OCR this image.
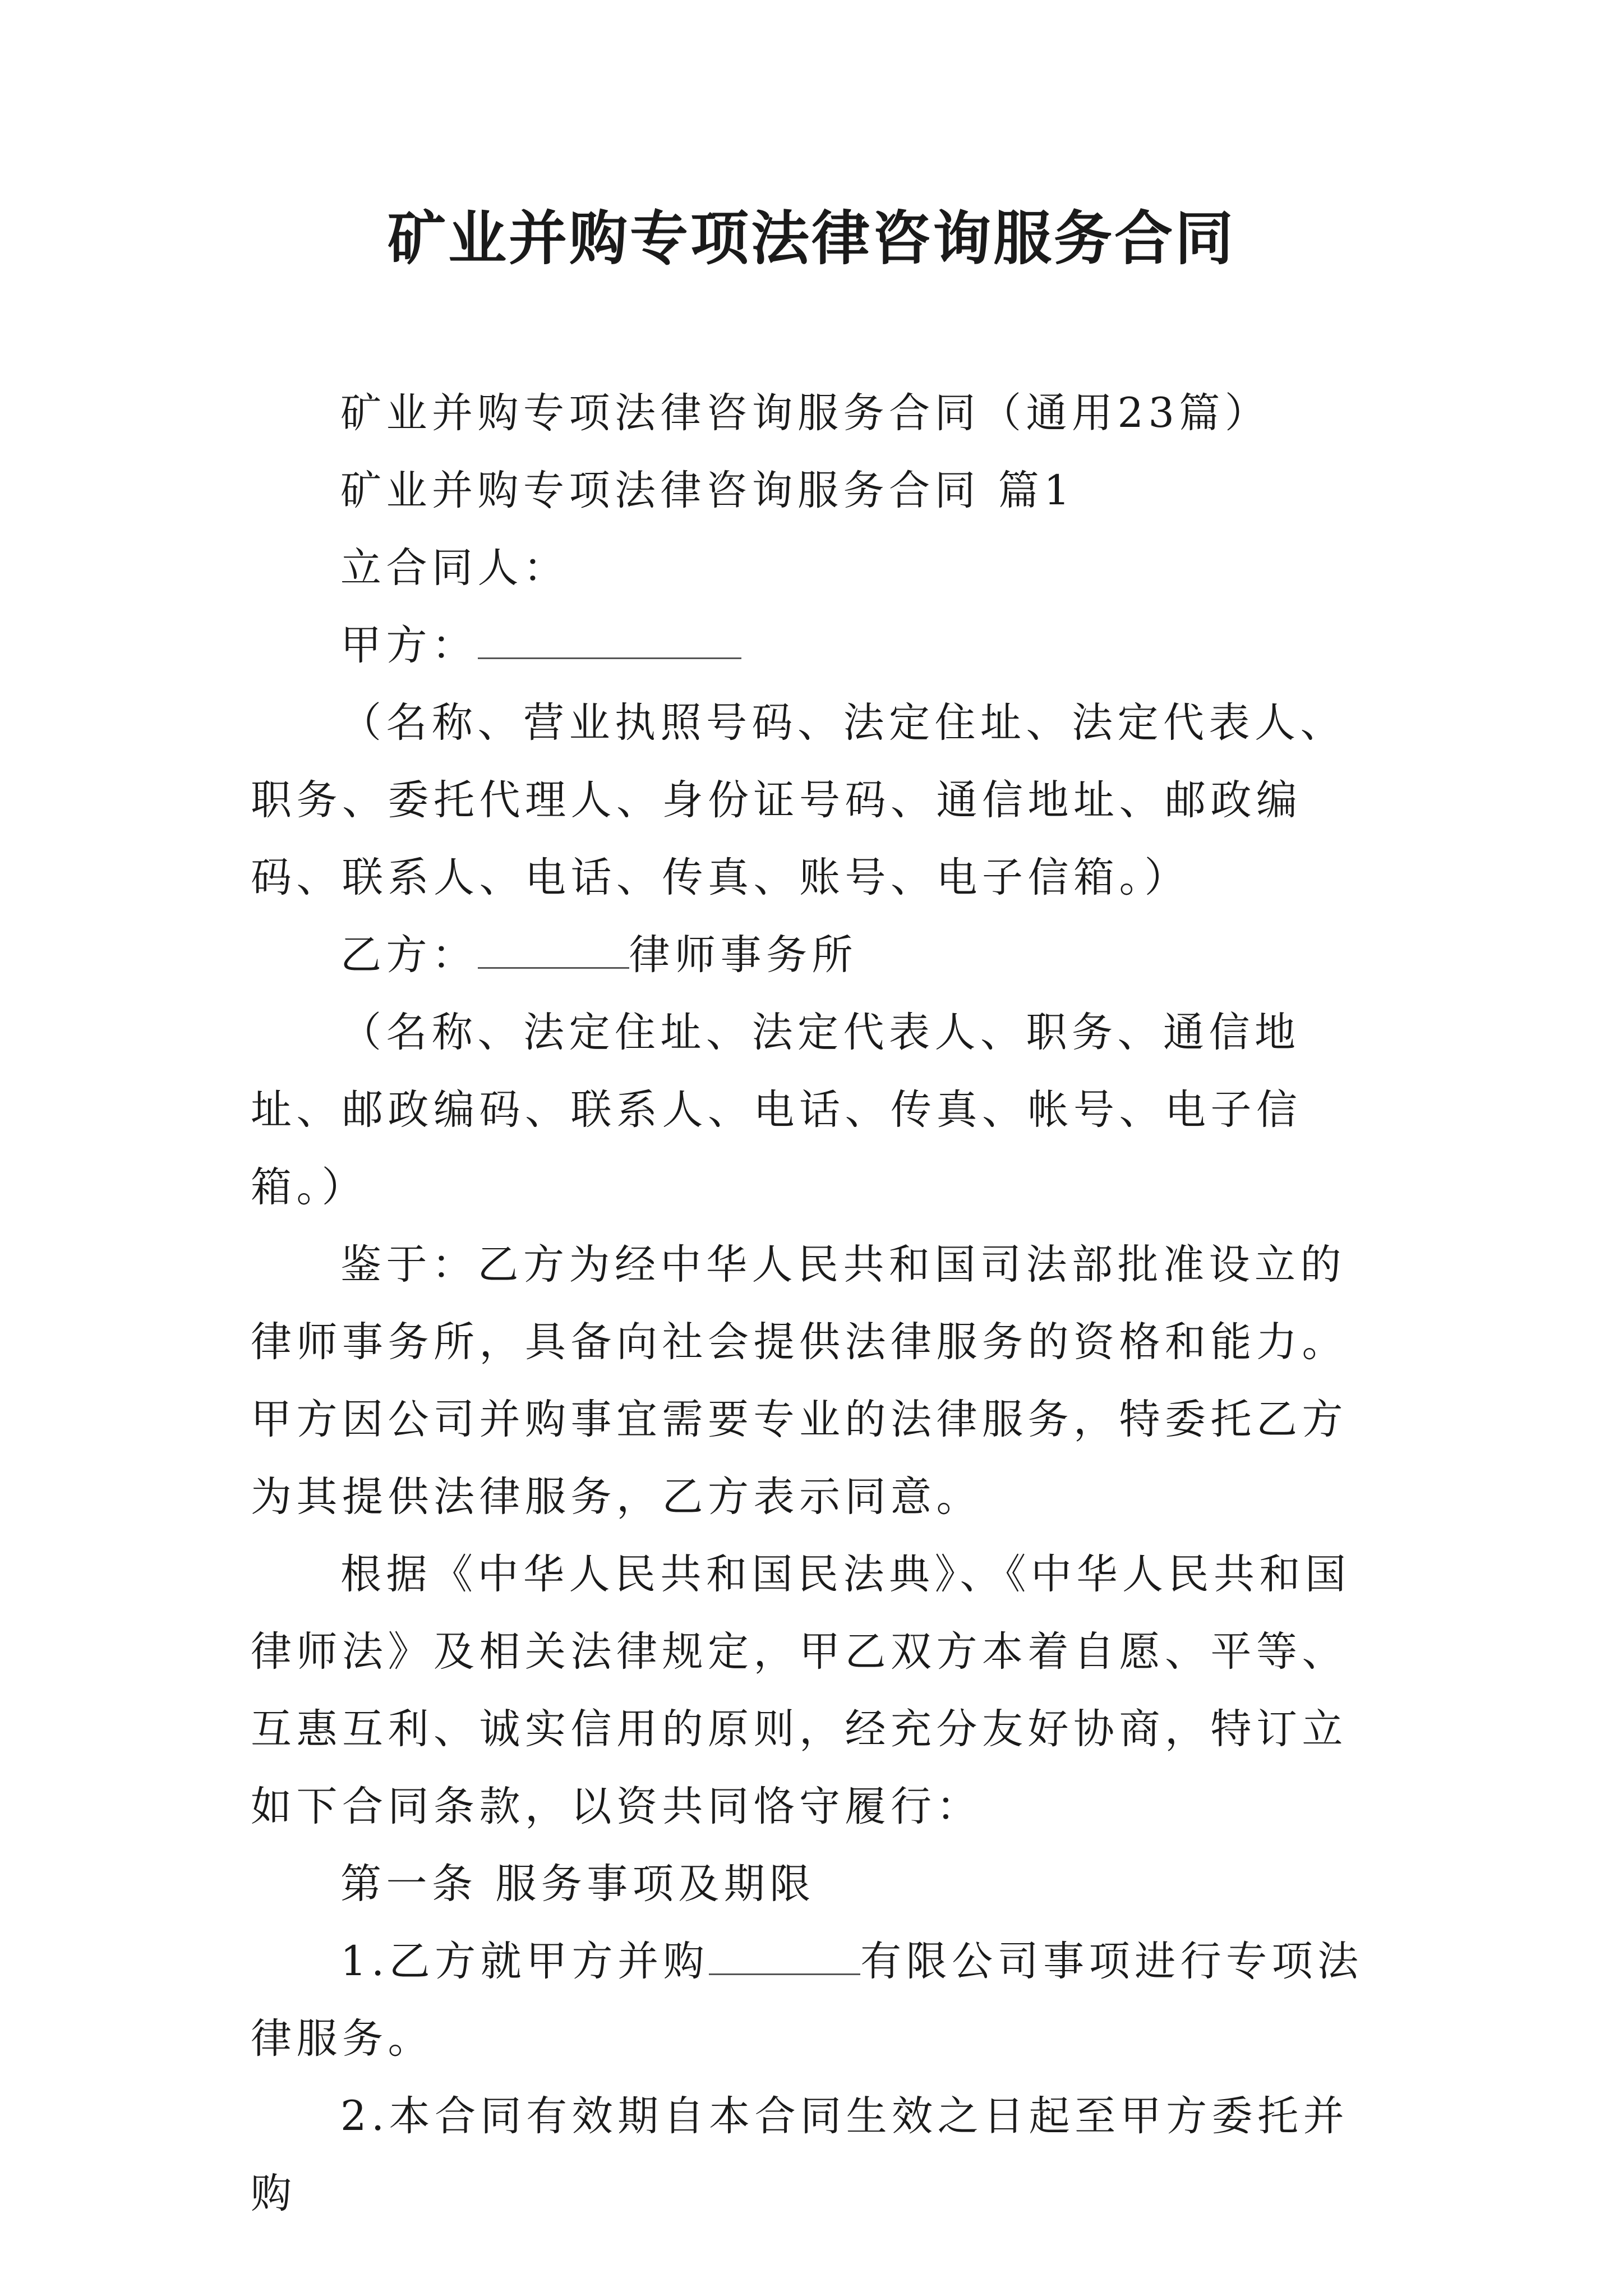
矿业并购专项法律咨询服务合同

矿业并购专项法律咨询服务合同（通用23篇）

矿业并购专项法律咨询服务合同 篇1

立合同人：

甲方：

（名称、营业执照号码、法定住址、法定代表人、职务、委托代理人、身份证号码、通信地址、邮政编码、联系人、电话、传真、账号、电子信箱。）

乙方：	律师事务所

（名称、法定住址、法定代表人、职务、通信地址、邮政编码、联系人、电话、传真、帐号、电子信箱。）

鉴于：乙方为经中华人民共和国司法部批准设立的律师事务所，具备向社会提供法律服务的资格和能力。甲方因公司并购事宜需要专业的法律服务，特委托乙方为其提供法律服务，乙方表示同意。

根据《中华人民共和国民法典》、《中华人民共和国律师法》及相关法律规定，甲乙双方本着自愿、平等、互惠互利、诚实信用的原则，经充分友好协商，特订立如下合同条款，以资共同恪守履行：

第一条 服务事项及期限

1.乙方就甲方并购	有限公司事项进行专项法律服务。

2.本合同有效期自本合同生效之日起至甲方委托并购
